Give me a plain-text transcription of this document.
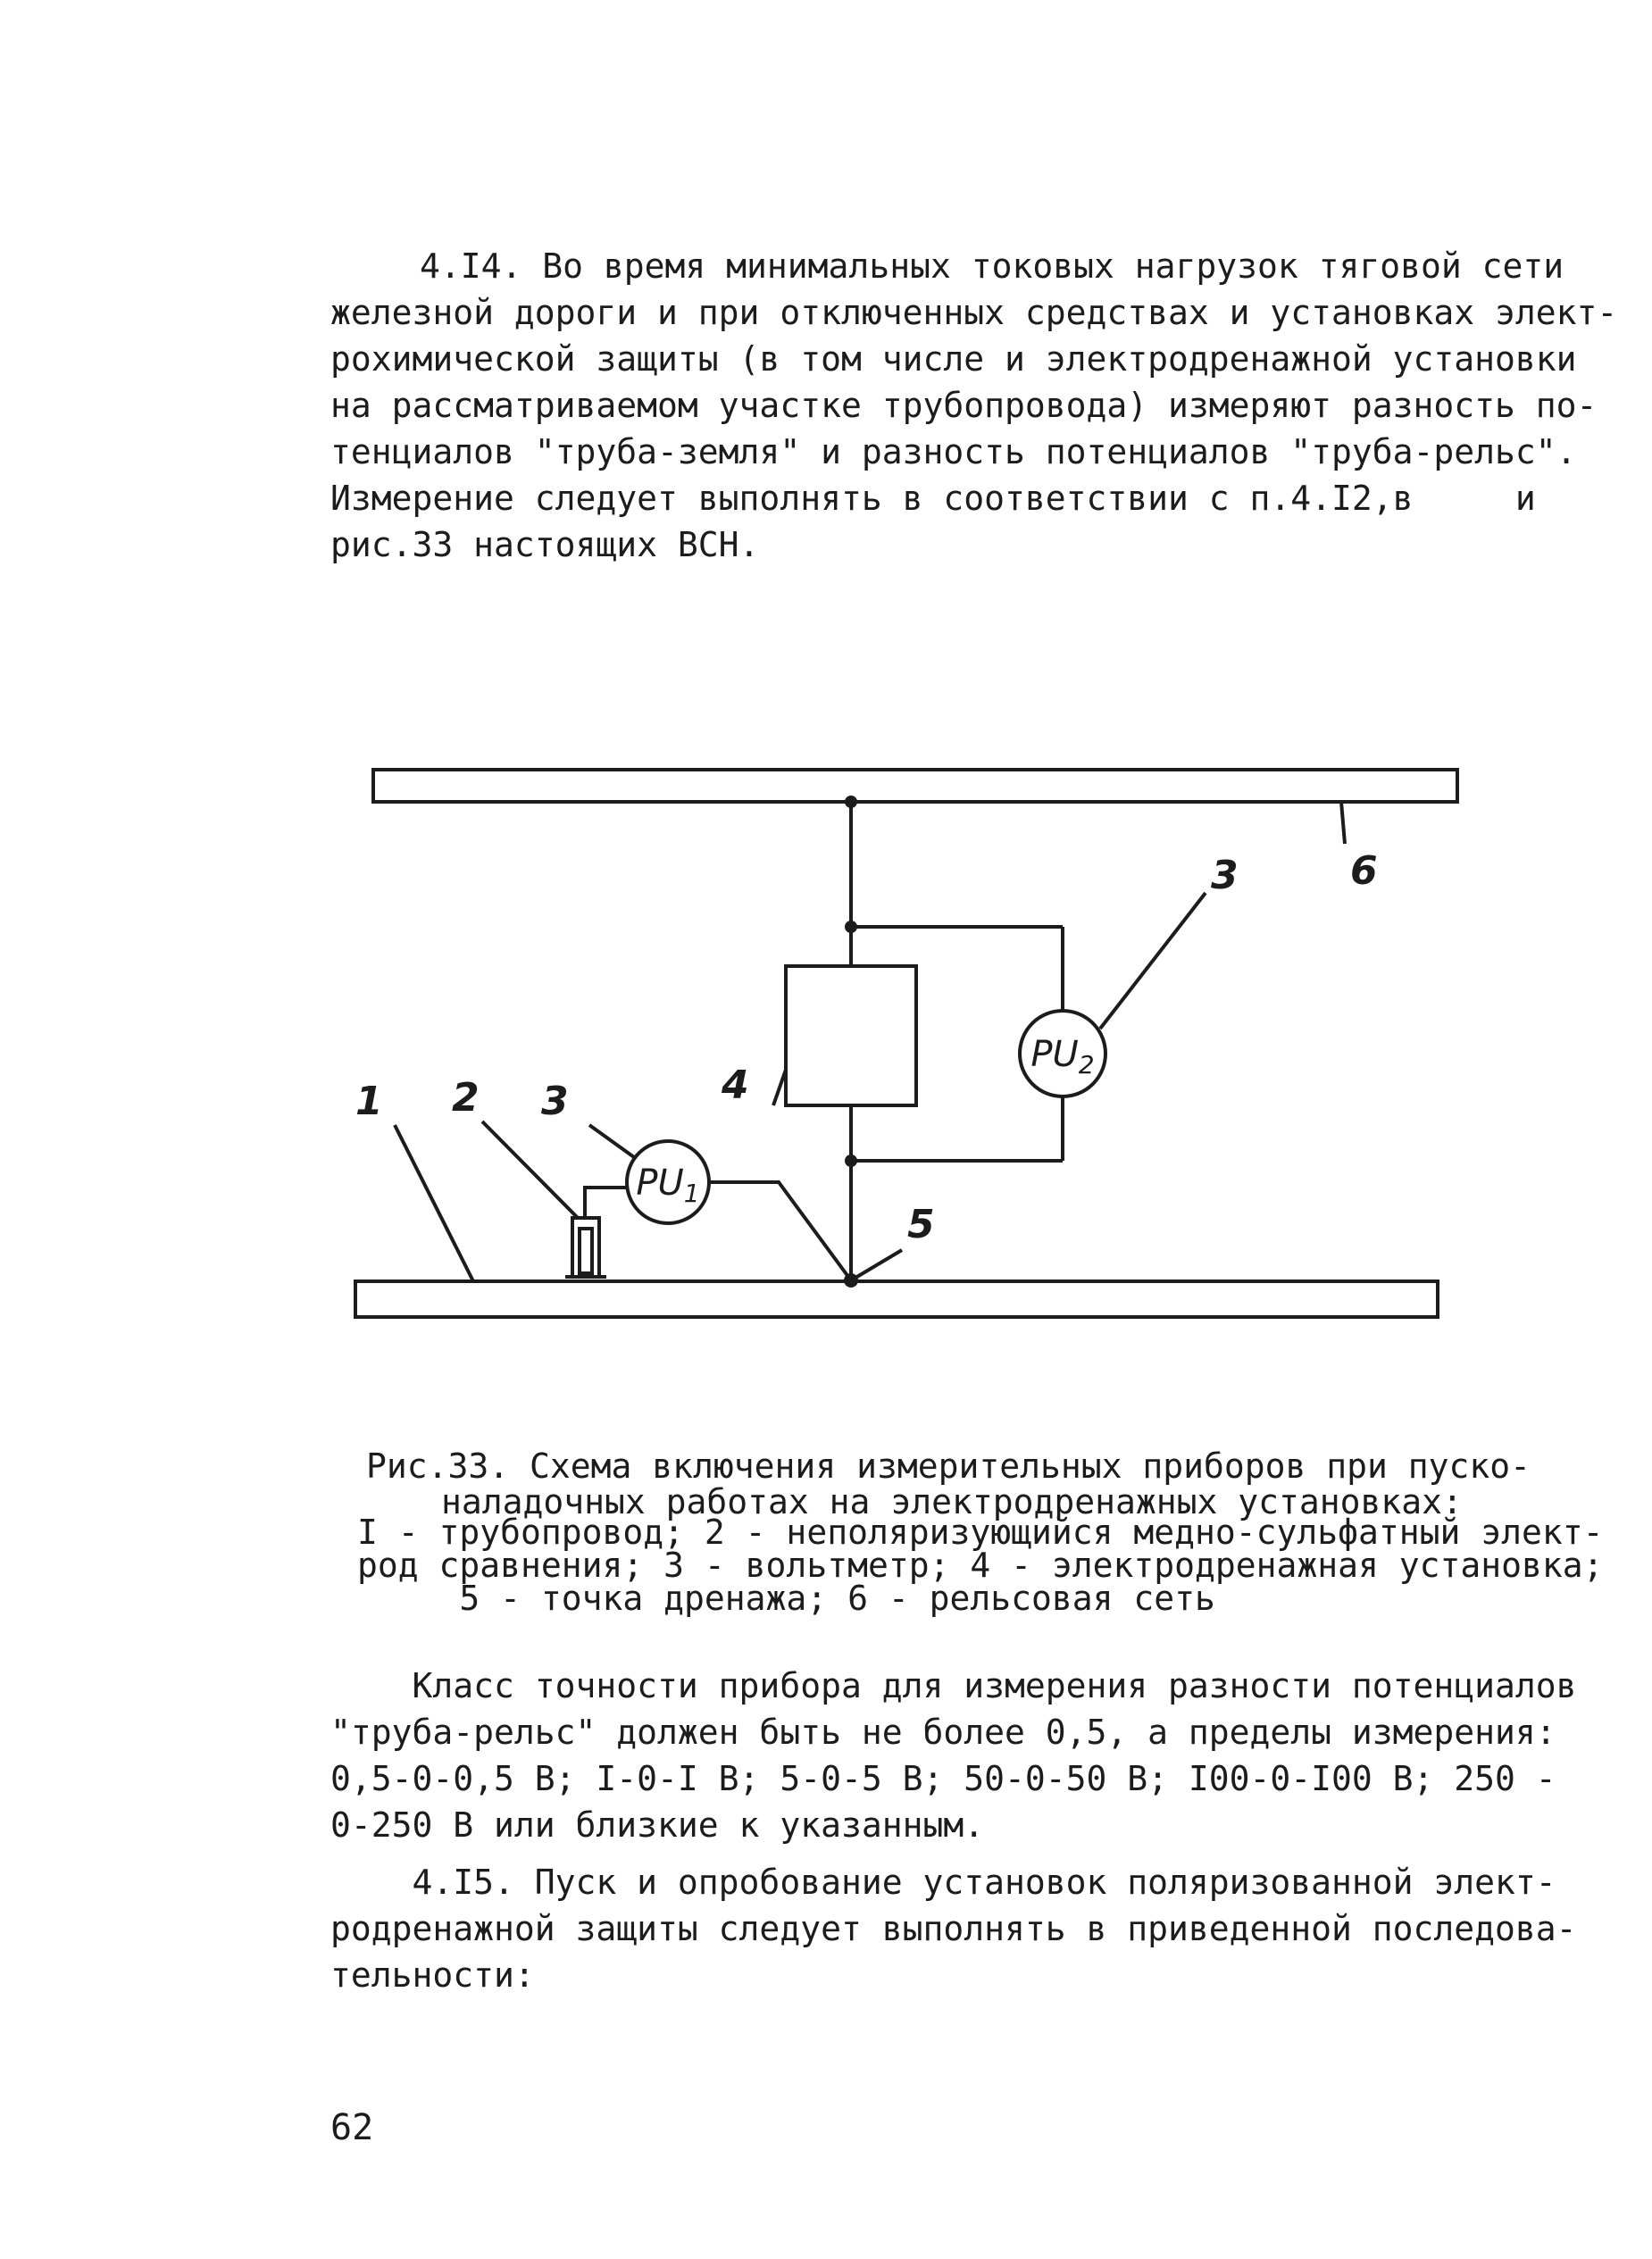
4.I4. Во время минимальных токовых нагрузок тяговой сети
железной дороги и при отключенных средствах и установках элект-
рохимической защиты (в том числе и электродренажной установки
на рассматриваемом участке трубопровода) измеряют разность по-
тенциалов "труба-земля" и разность потенциалов "труба-рельс".
Измерение следует выполнять в соответствии с п.4.I2,в     и
рис.33 настоящих ВСН.
$PU_1$
$PU_2$
1 2 3	4
5
3	6
Рис.33. Схема включения измерительных приборов при пуско-
наладочных работах на электродренажных установках:
I - трубопровод; 2 - неполяризующийся медно-сульфатный элект-
род сравнения; 3 - вольтметр; 4 - электродренажная установка;
5 - точка дренажа; 6 - рельсовая сеть
Класс точности прибора для измерения разности потенциалов
"труба-рельс" должен быть не более 0,5, а пределы измерения:
0,5-0-0,5 В; I-0-I В; 5-0-5 В; 50-0-50 В; I00-0-I00 В; 250 -
0-250 В или близкие к указанным.
4.I5. Пуск и опробование установок поляризованной элект-
родренажной защиты следует выполнять в приведенной последова-
тельности:
62
